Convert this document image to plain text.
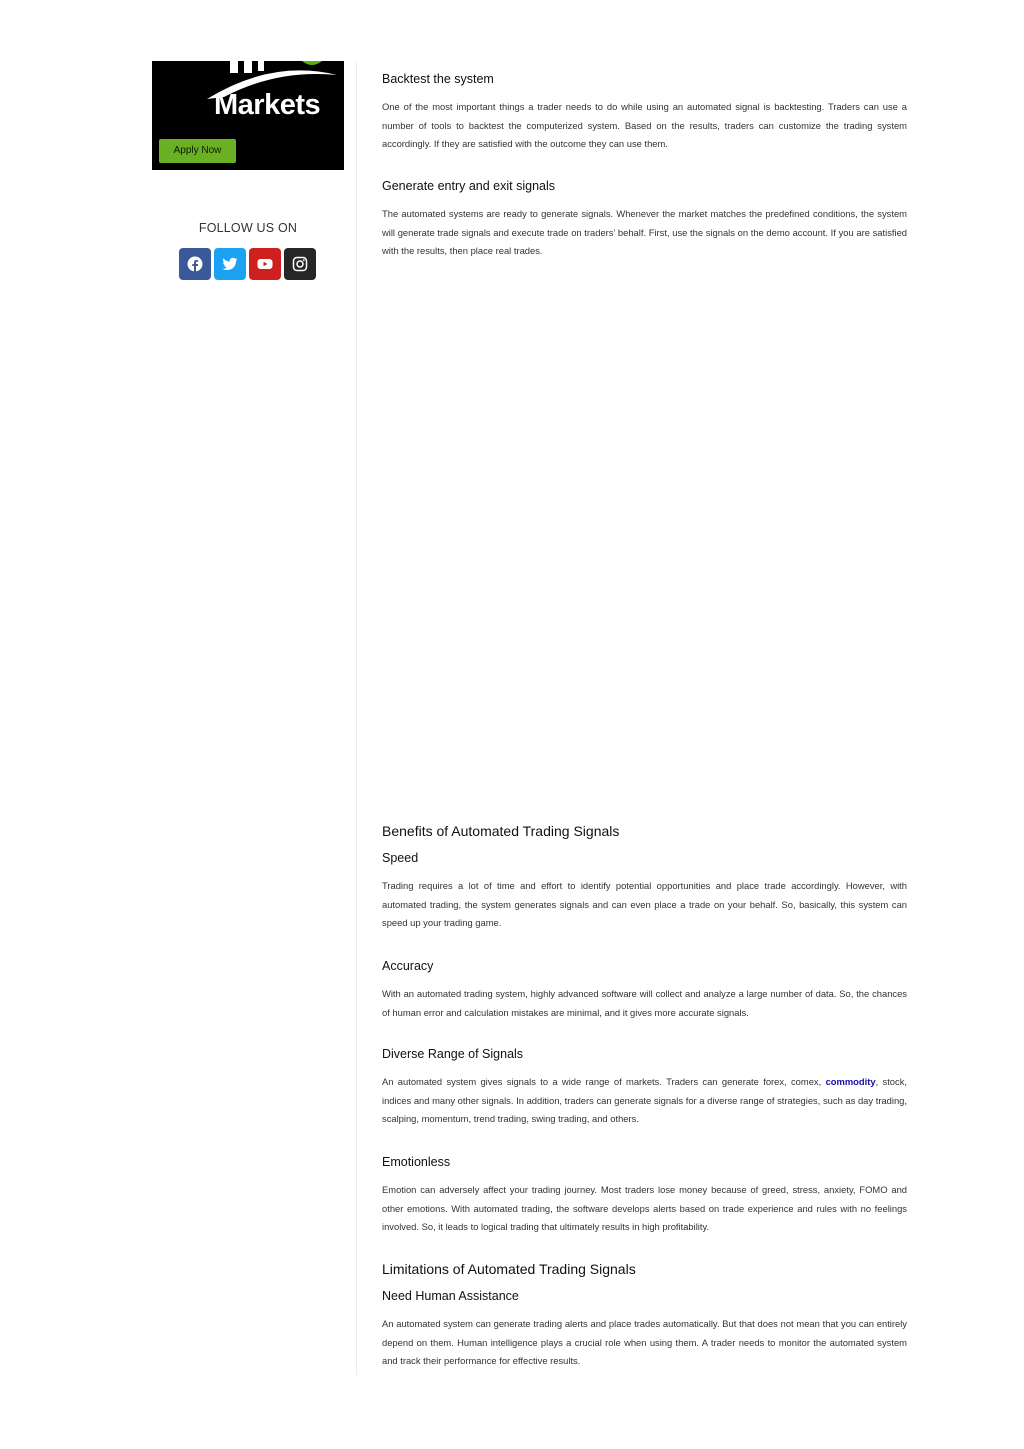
Markets
Apply Now
FOLLOW US ON
Backtest the system

One of the most important things a trader needs to do while using an automated signal is backtesting. Traders can use a number of tools to backtest the computerized system. Based on the results, traders can customize the trading system accordingly. If they are satisfied with the outcome they can use them.

Generate entry and exit signals

The automated systems are ready to generate signals. Whenever the market matches the predefined conditions, the system will generate trade signals and execute trade on traders’ behalf. First, use the signals on the demo account. If you are satisfied with the results, then place real trades.

Benefits of Automated Trading Signals
Speed

Trading requires a lot of time and effort to identify potential opportunities and place trade accordingly. However, with automated trading, the system generates signals and can even place a trade on your behalf. So, basically, this system can speed up your trading game.

Accuracy

With an automated trading system, highly advanced software will collect and analyze a large number of data. So, the chances of human error and calculation mistakes are minimal, and it gives more accurate signals.

Diverse Range of Signals

An automated system gives signals to a wide range of markets. Traders can generate forex, comex, commodity, stock, indices and many other signals. In addition, traders can generate signals for a diverse range of strategies, such as day trading, scalping, momentum, trend trading, swing trading, and others.

Emotionless

Emotion can adversely affect your trading journey. Most traders lose money because of greed, stress, anxiety, FOMO and other emotions. With automated trading, the software develops alerts based on trade experience and rules with no feelings involved. So, it leads to logical trading that ultimately results in high profitability.

Limitations of Automated Trading Signals
Need Human Assistance

An automated system can generate trading alerts and place trades automatically. But that does not mean that you can entirely depend on them. Human intelligence plays a crucial role when using them. A trader needs to monitor the automated system and track their performance for effective results.
